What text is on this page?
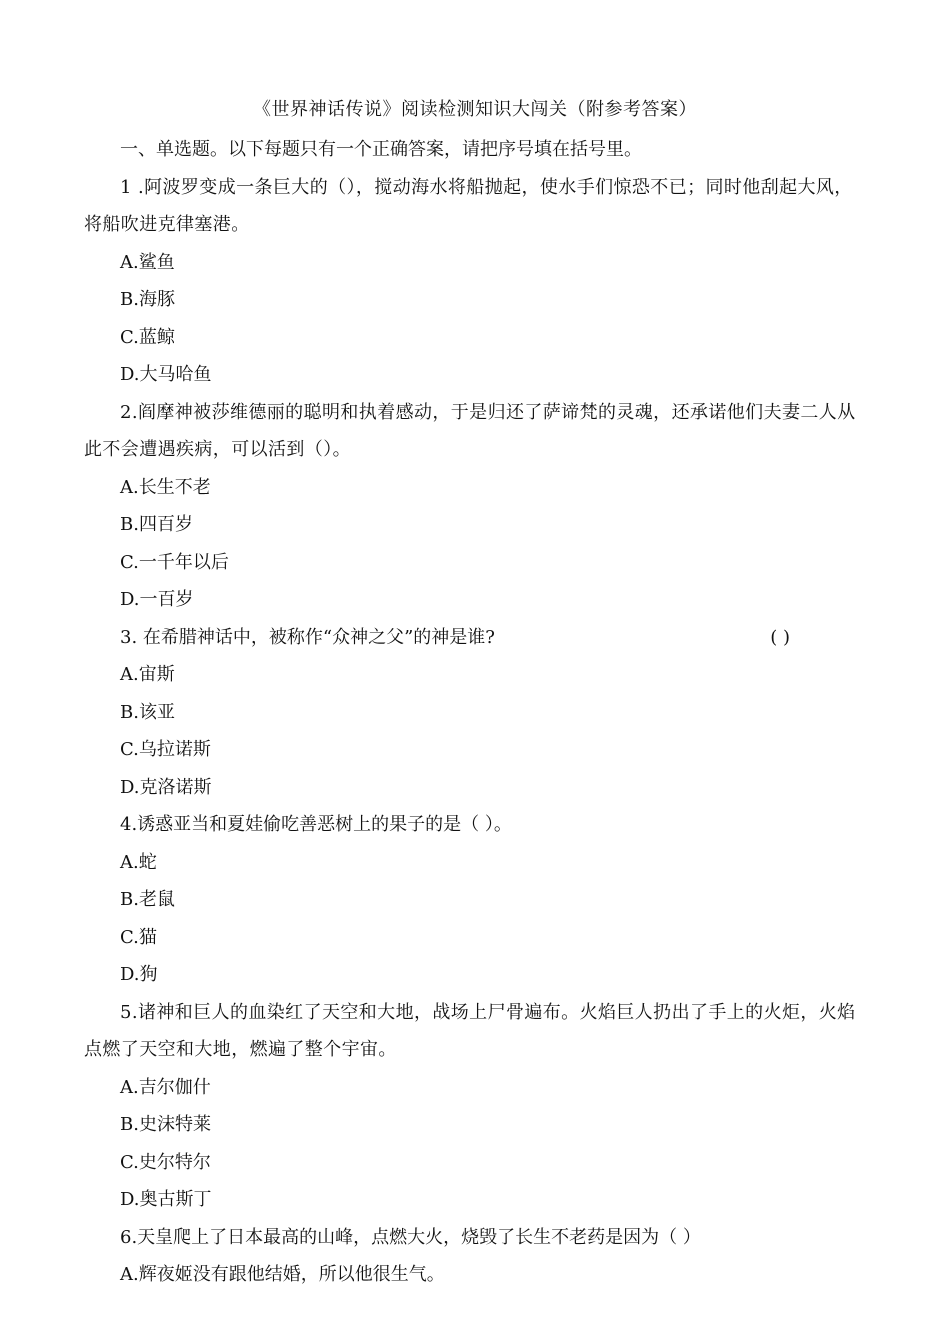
《世界神话传说》阅读检测知识大闯关（附参考答案）
一、单选题。以下每题只有一个正确答案，请把序号填在括号里。
1 .阿波罗变成一条巨大的（），搅动海水将船抛起，使水手们惊恐不已；同时他刮起大风，将船吹进克律塞港。
A.鲨鱼
B.海豚
C.蓝鲸
D.大马哈鱼
2.阎摩神被莎维德丽的聪明和执着感动，于是归还了萨谛梵的灵魂，还承诺他们夫妻二人从此不会遭遇疾病，可以活到（）。
A.长生不老
B.四百岁
C.一千年以后
D.一百岁
3. 在希腊神话中，被称作“众神之父”的神是谁?	( )
A.宙斯
B.该亚
C.乌拉诺斯
D.克洛诺斯
4.诱惑亚当和夏娃偷吃善恶树上的果子的是（ ）。
A.蛇
B.老鼠
C.猫
D.狗
5.诸神和巨人的血染红了天空和大地，战场上尸骨遍布。火焰巨人扔出了手上的火炬，火焰点燃了天空和大地，燃遍了整个宇宙。
A.吉尔伽什
B.史沫特莱
C.史尔特尔
D.奥古斯丁
6.天皇爬上了日本最高的山峰，点燃大火，烧毁了长生不老药是因为（ ）
A.辉夜姬没有跟他结婚，所以他很生气。
